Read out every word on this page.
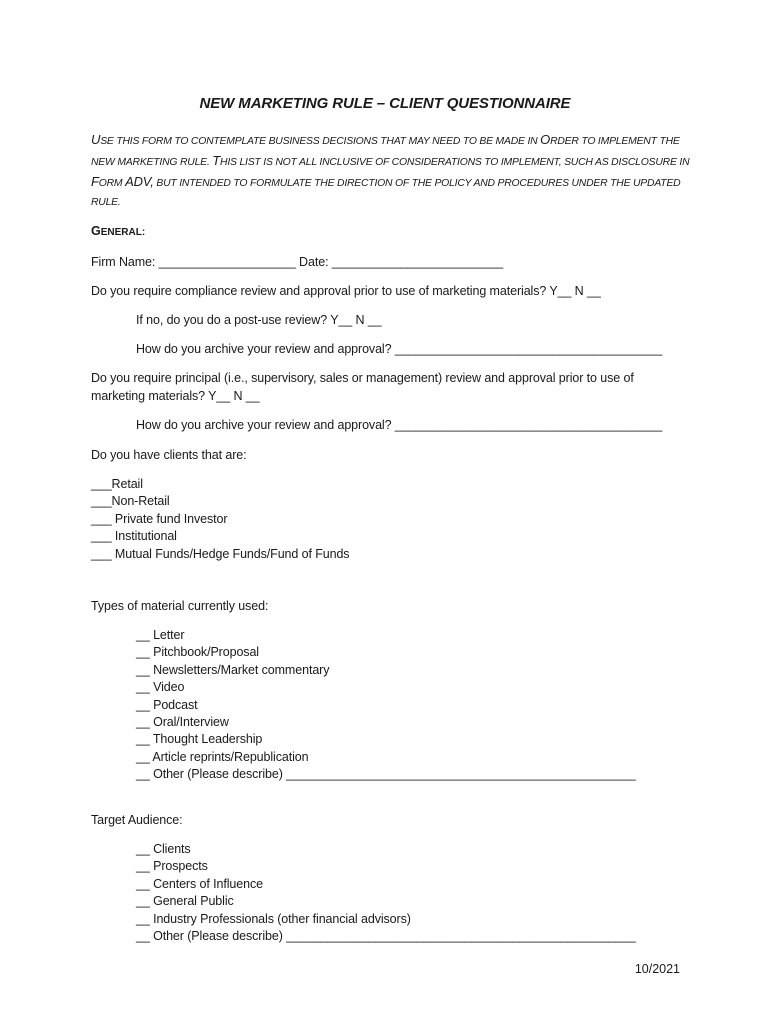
NEW MARKETING RULE – CLIENT QUESTIONNAIRE
USE THIS FORM TO CONTEMPLATE BUSINESS DECISIONS THAT MAY NEED TO BE MADE IN ORDER TO IMPLEMENT THE NEW MARKETING RULE. THIS LIST IS NOT ALL INCLUSIVE OF CONSIDERATIONS TO IMPLEMENT, SUCH AS DISCLOSURE IN FORM ADV, BUT INTENDED TO FORMULATE THE DIRECTION OF THE POLICY AND PROCEDURES UNDER THE UPDATED RULE.
GENERAL:
Firm Name: ____________________ Date: _________________________
Do you require compliance review and approval prior to use of marketing materials? Y__ N __
If no, do you do a post-use review? Y__ N __
How do you archive your review and approval? _______________________________________
Do you require principal (i.e., supervisory, sales or management) review and approval prior to use of
marketing materials? Y__ N __
How do you archive your review and approval? _______________________________________
Do you have clients that are:
___Retail
___Non-Retail
___ Private fund Investor
___ Institutional
___ Mutual Funds/Hedge Funds/Fund of Funds
Types of material currently used:
__ Letter
__ Pitchbook/Proposal
__ Newsletters/Market commentary
__ Video
__ Podcast
__ Oral/Interview
__ Thought Leadership
__ Article reprints/Republication
__ Other (Please describe) ___________________________________________________
Target Audience:
__ Clients
__ Prospects
__ Centers of Influence
__ General Public
__ Industry Professionals (other financial advisors)
__ Other (Please describe) ___________________________________________________
10/2021
